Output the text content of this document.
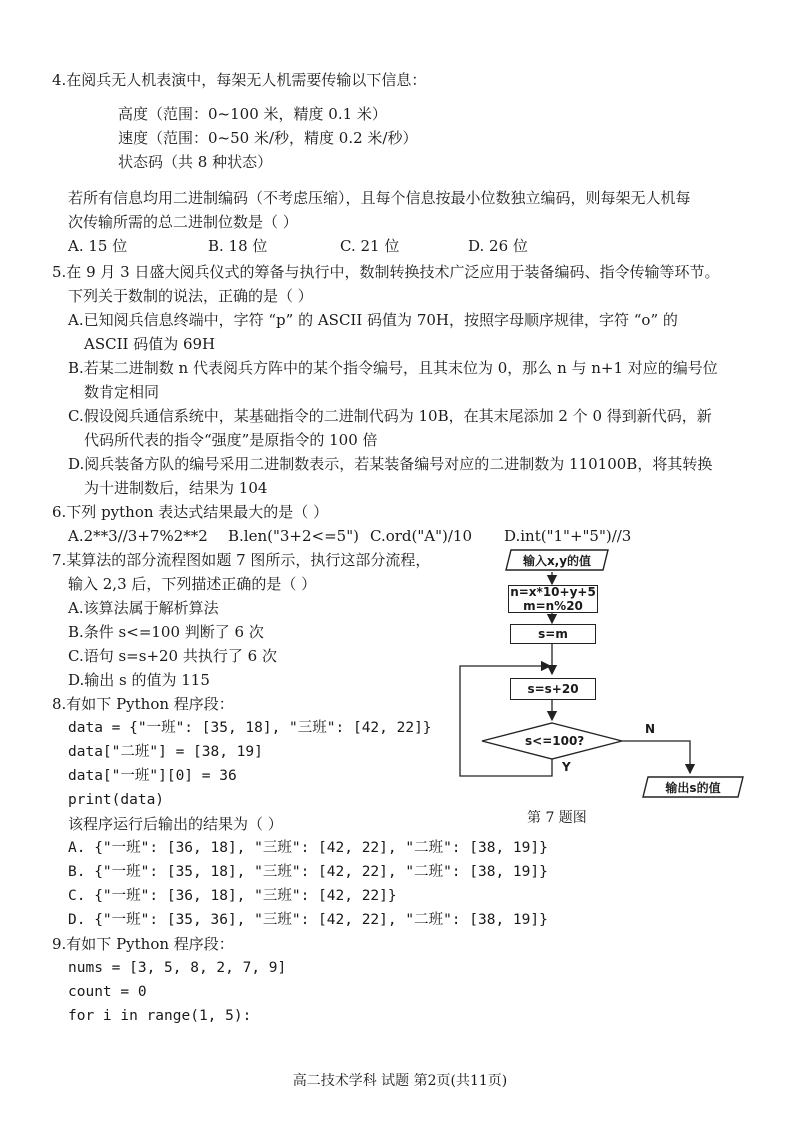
4.在阅兵无人机表演中，每架无人机需要传输以下信息：
高度（范围：0~100 米，精度 0.1 米）
速度（范围：0~50 米/秒，精度 0.2 米/秒）
状态码（共 8 种状态）
若所有信息均用二进制编码（不考虑压缩），且每个信息按最小位数独立编码，则每架无人机每
次传输所需的总二进制位数是（ ）
A. 15 位	B. 18 位	C. 21 位	D. 26 位
5.在 9 月 3 日盛大阅兵仪式的筹备与执行中，数制转换技术广泛应用于装备编码、指令传输等环节。
下列关于数制的说法，正确的是（ ）
A.已知阅兵信息终端中，字符 “p” 的 ASCII 码值为 70H，按照字母顺序规律，字符 “o” 的
ASCII 码值为 69H
B.若某二进制数 n 代表阅兵方阵中的某个指令编号，且其末位为 0，那么 n 与 n+1 对应的编号位
数肯定相同
C.假设阅兵通信系统中，某基础指令的二进制代码为 10B，在其末尾添加 2 个 0 得到新代码，新
代码所代表的指令“强度”是原指令的 100 倍
D.阅兵装备方队的编号采用二进制数表示，若某装备编号对应的二进制数为 110100B，将其转换
为十进制数后，结果为 104
6.下列 python 表达式结果最大的是（ ）
A.2**3//3+7%2**2 B.len("3+2<=5") C.ord("A")/10 D.int("1"+"5")//3
7.某算法的部分流程图如题 7 图所示，执行这部分流程，
输入 2,3 后，下列描述正确的是（ ）
A.该算法属于解析算法
B.条件 s<=100 判断了 6 次
C.语句 s=s+20 共执行了 6 次
D.输出 s 的值为 115
输入x,y的值
n=x*10+y+5
m=n%20
s=m
s=s+20
s<=100?
N
Y
输出s的值
第 7 题图
8.有如下 Python 程序段：
data = {"一班": [35, 18], "三班": [42, 22]}
data["二班"] = [38, 19]
data["一班"][0] = 36
print(data)
该程序运行后输出的结果为（ ）
A. {"一班": [36, 18], "三班": [42, 22], "二班": [38, 19]}
B. {"一班": [35, 18], "三班": [42, 22], "二班": [38, 19]}
C. {"一班": [36, 18], "三班": [42, 22]}
D. {"一班": [35, 36], "三班": [42, 22], "二班": [38, 19]}
9.有如下 Python 程序段：
nums = [3, 5, 8, 2, 7, 9]
count = 0
for i in range(1, 5):
高二技术学科 试题 第2页(共11页)
